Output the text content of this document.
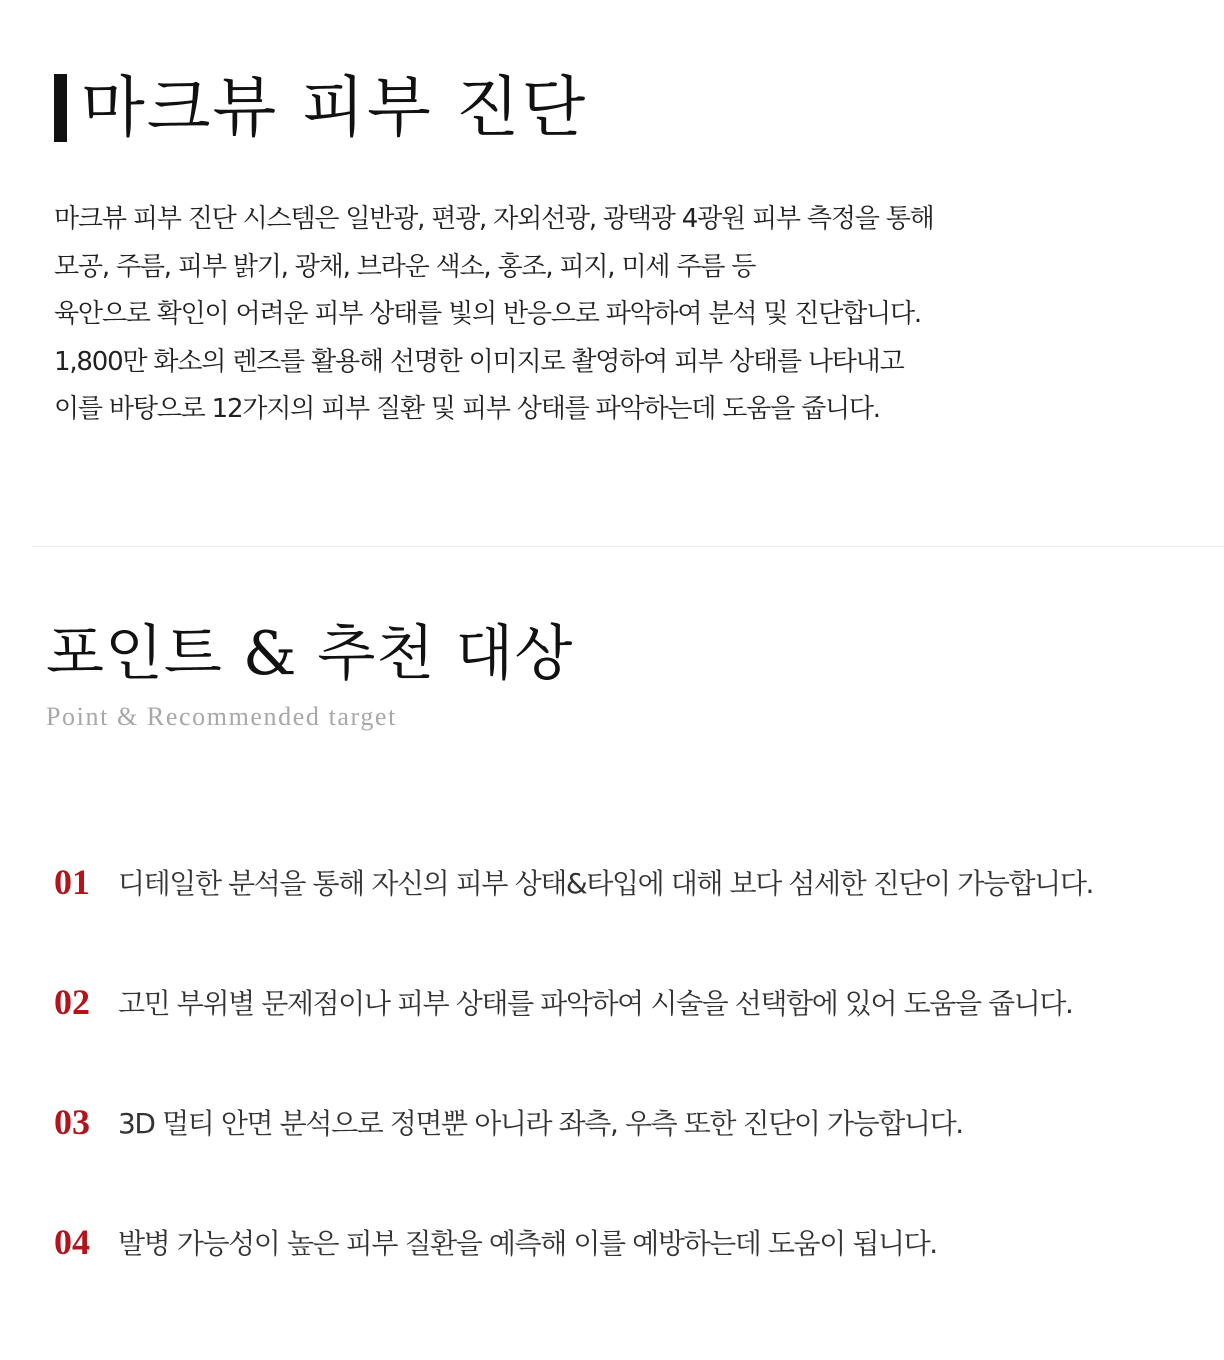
마크뷰 피부 진단
마크뷰 피부 진단 시스템은 일반광, 편광, 자외선광, 광택광 4광원 피부 측정을 통해
모공, 주름, 피부 밝기, 광채, 브라운 색소, 홍조, 피지, 미세 주름 등
육안으로 확인이 어려운 피부 상태를 빛의 반응으로 파악하여 분석 및 진단합니다.
1,800만 화소의 렌즈를 활용해 선명한 이미지로 촬영하여 피부 상태를 나타내고
이를 바탕으로 12가지의 피부 질환 및 피부 상태를 파악하는데 도움을 줍니다.
포인트 & 추천 대상
Point & Recommended target
01	디테일한 분석을 통해 자신의 피부 상태&타입에 대해 보다 섬세한 진단이 가능합니다.
02	고민 부위별 문제점이나 피부 상태를 파악하여 시술을 선택함에 있어 도움을 줍니다.
03	3D 멀티 안면 분석으로 정면뿐 아니라 좌측, 우측 또한 진단이 가능합니다.
04	발병 가능성이 높은 피부 질환을 예측해 이를 예방하는데 도움이 됩니다.
